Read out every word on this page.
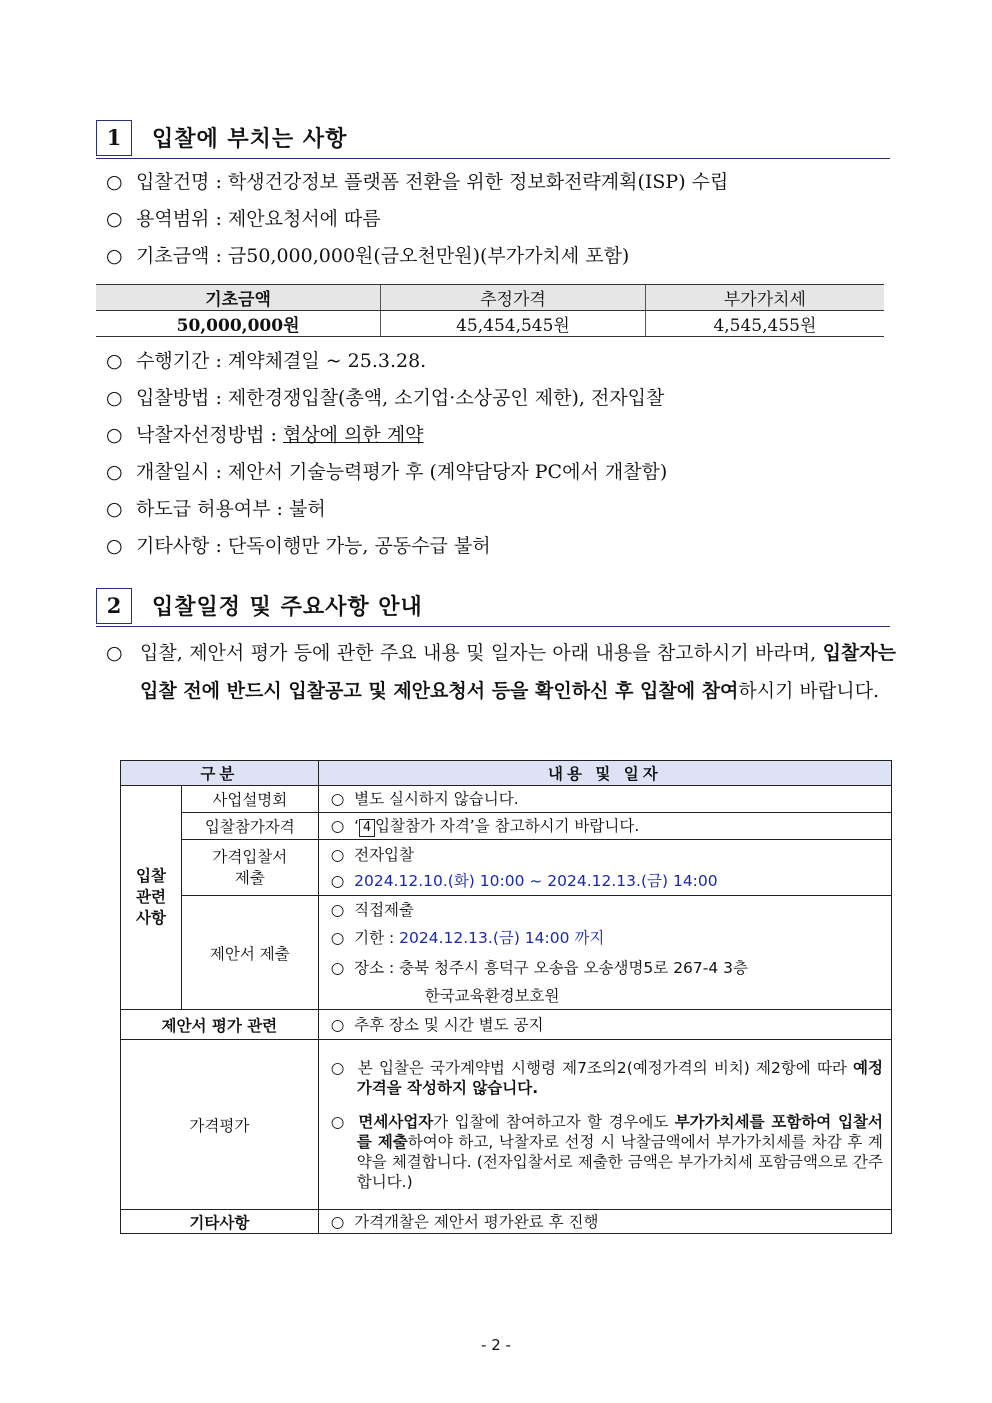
1	입찰에 부치는 사항
○ 입찰건명 : 학생건강정보 플랫폼 전환을 위한 정보화전략계획(ISP) 수립
○ 용역범위 : 제안요청서에 따름
○ 기초금액 : 금50,000,000원(금오천만원)(부가가치세 포함)
기초금액	추정가격	부가가치세
50,000,000원	45,454,545원	4,545,455원
○ 수행기간 : 계약체결일 ~ 25.3.28.
○ 입찰방법 : 제한경쟁입찰(총액, 소기업·소상공인 제한), 전자입찰
○ 낙찰자선정방법 : 협상에 의한 계약
○ 개찰일시 : 제안서 기술능력평가 후 (계약담당자 PC에서 개찰함)
○ 하도급 허용여부 : 불허
○ 기타사항 : 단독이행만 가능, 공동수급 불허
2	입찰일정 및 주요사항 안내
○ 입찰, 제안서 평가 등에 관한 주요 내용 및 일자는 아래 내용을 참고하시기 바라며, 입찰자는 입찰 전에 반드시 입찰공고 및 제안요청서 등을 확인하신 후 입찰에 참여하시기 바랍니다.
구분		내용 및 일자
입찰
관련
사항	사업설명회	○ 별도 실시하지 않습니다.

	입찰참가자격	○ ‘ 4 입찰참가 자격’을 참고하시기 바랍니다.

	가격입찰서
제출	○ 전자입찰
○ 2024.12.10.(화) 10:00 ~ 2024.12.13.(금) 14:00

	제안서 제출	○ 직접제출
○ 기한 : 2024.12.13.(금) 14:00 까지
○ 장소 : 충북 청주시 흥덕구 오송읍 오송생명5로 267-4 3층
한국교육환경보호원

제안서 평가 관련		○ 추후 장소 및 시간 별도 공지

가격평가		○ 본 입찰은 국가계약법 시행령 제7조의2(예정가격의 비치) 제2항에 따라 예정가격을 작성하지 않습니다.
○ 면세사업자가 입찰에 참여하고자 할 경우에도 부가가치세를 포함하여 입찰서를 제출하여야 하고, 낙찰자로 선정 시 낙찰금액에서 부가가치세를 차감 후 계약을 체결합니다. (전자입찰서로 제출한 금액은 부가가치세 포함금액으로 간주합니다.)

기타사항		○ 가격개찰은 제안서 평가완료 후 진행
- 2 -
